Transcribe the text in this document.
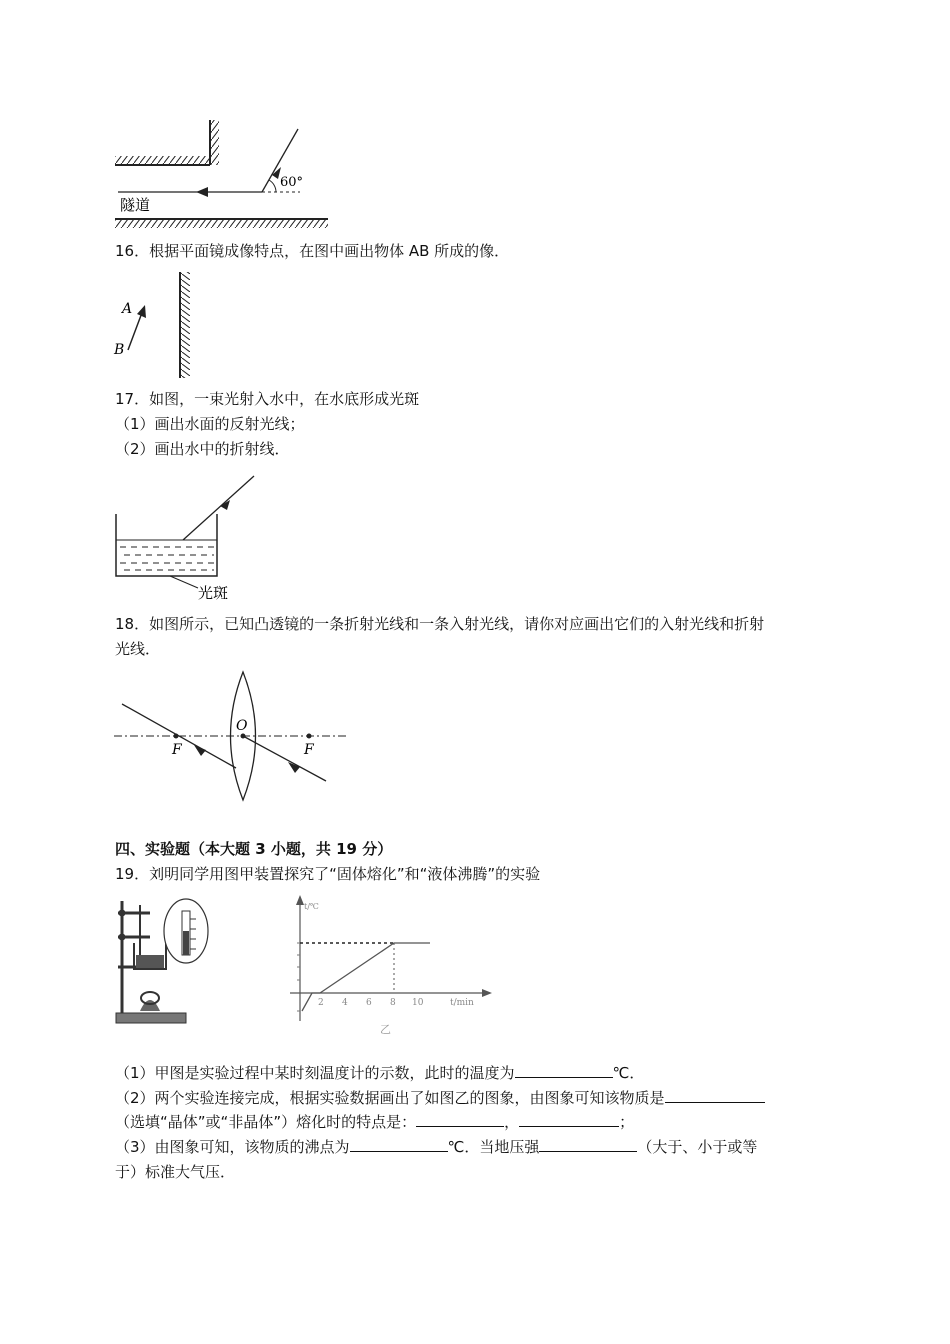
60°
隧道
16．根据平面镜成像特点，在图中画出物体 AB 所成的像．
A
B
17．如图，一束光射入水中，在水底形成光斑
（1）画出水面的反射光线；
（2）画出水中的折射线．
光斑
18．如图所示，已知凸透镜的一条折射光线和一条入射光线，请你对应画出它们的入射光线和折射
光线．
O
F	F
四、实验题（本大题 3 小题，共 19 分）
19．刘明同学用图甲装置探究了“固体熔化”和“液体沸腾”的实验
t/℃
2 4 6 8 10	t/min
乙
（1）甲图是实验过程中某时刻温度计的示数，此时的温度为	℃．
（2）两个实验连接完成，根据实验数据画出了如图乙的图象，由图象可知该物质是
（选填“晶体”或“非晶体”）熔化时的特点是：	，	；
（3）由图象可知，该物质的沸点为	℃．当地压强	（大于、小于或等
于）标准大气压．
